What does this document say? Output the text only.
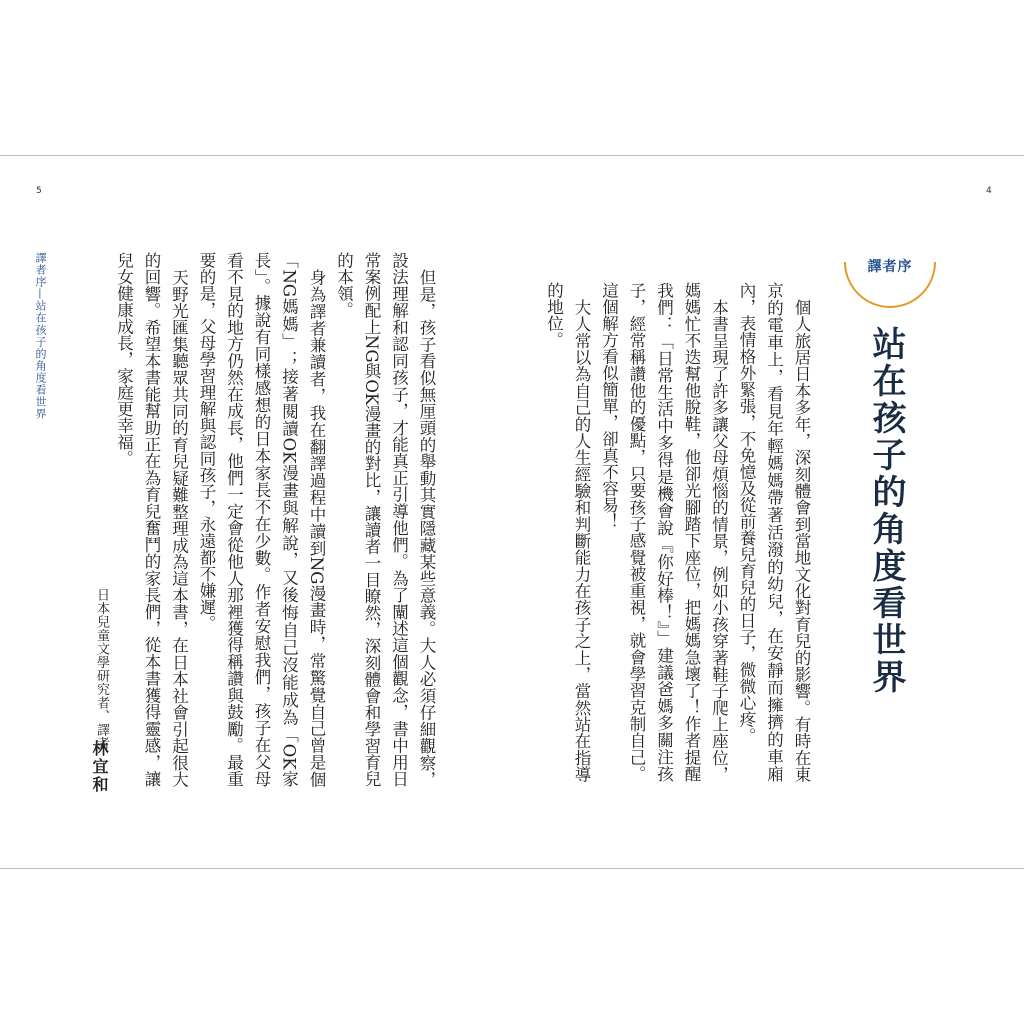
5	4
譯者序—站在孩子的角度看世界	譯者序
站在孩子的角度看世界

個人旅居日本多年，深刻體會到當地文化對育兒的影響。有時在東京的電車上，看見年輕媽媽帶著活潑的幼兒，在安靜而擁擠的車廂內，表情格外緊張，不免憶及從前養兒育兒的日子，微微心疼。

本書呈現了許多讓父母煩惱的情景，例如小孩穿著鞋子爬上座位，媽媽忙不迭幫他脫鞋，他卻光腳踏下座位，把媽媽急壞了！作者提醒我們：「日常生活中多得是機會說『你好棒！』」建議爸媽多關注孩子，經常稱讚他的優點，只要孩子感覺被重視，就會學習克制自己。這個解方看似簡單，卻真不容易！

大人常以為自己的人生經驗和判斷能力在孩子之上，當然站在指導的地位。

但是，孩子看似無厘頭的舉動其實隱藏某些意義。大人必須仔細觀察，設法理解和認同孩子，才能真正引導他們。為了闡述這個觀念，書中用日常案例配上NG與OK漫畫的對比，讓讀者一目瞭然，深刻體會和學習育兒的本領。

身為譯者兼讀者，我在翻譯過程中讀到NG漫畫時，常驚覺自己曾是個「NG媽媽」；接著閱讀OK漫畫與解說，又後悔自己沒能成為「OK家長」。據說有同樣感想的日本家長不在少數。作者安慰我們，孩子在父母看不見的地方仍然在成長，他們一定會從他人那裡獲得稱讚與鼓勵。最重要的是，父母學習理解與認同孩子，永遠都不嫌遲。

天野光匯集聽眾共同的育兒疑難整理成為這本書，在日本社會引起很大的回響。希望本書能幫助正在為育兒奮鬥的家長們，從本書獲得靈感，讓兒女健康成長，家庭更幸福。

日本兒童文學研究者、譯者
林宜和
